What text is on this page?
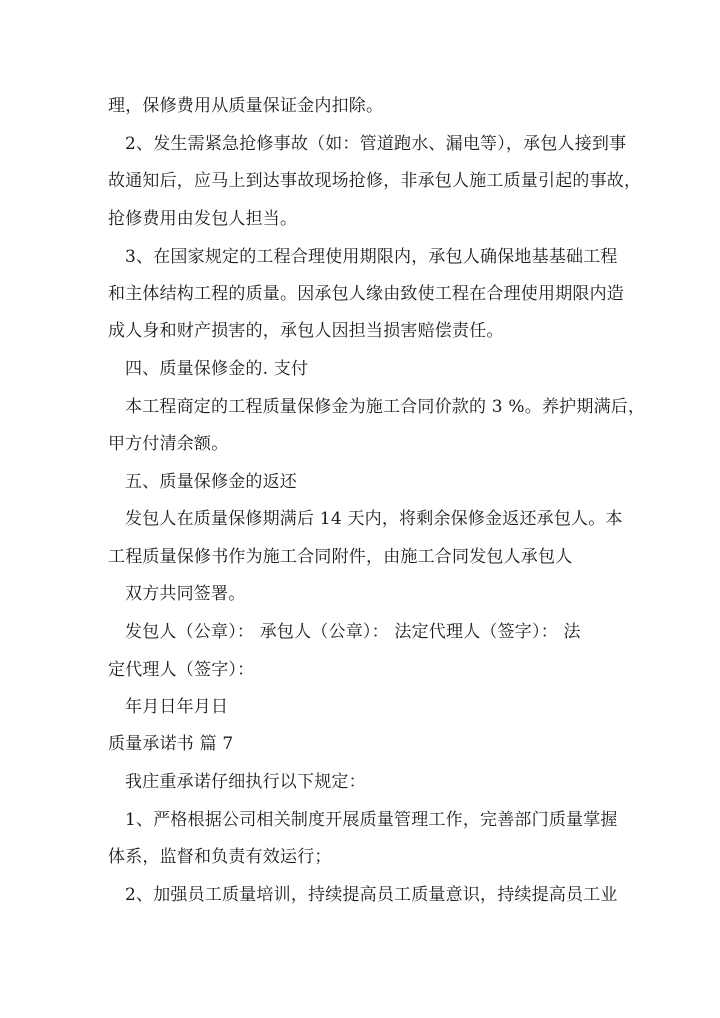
理，保修费用从质量保证金内扣除。
2、发生需紧急抢修事故（如：管道跑水、漏电等），承包人接到事
故通知后，应马上到达事故现场抢修，非承包人施工质量引起的事故，
抢修费用由发包人担当。
3、在国家规定的工程合理使用期限内，承包人确保地基基础工程
和主体结构工程的质量。因承包人缘由致使工程在合理使用期限内造
成人身和财产损害的，承包人因担当损害赔偿责任。
四、质量保修金的. 支付
本工程商定的工程质量保修金为施工合同价款的 3 %。养护期满后，
甲方付清余额。
五、质量保修金的返还
发包人在质量保修期满后 14 天内，将剩余保修金返还承包人。本
工程质量保修书作为施工合同附件，由施工合同发包人承包人
双方共同签署。
发包人（公章）： 承包人（公章）： 法定代理人（签字）： 法
定代理人（签字）：
年月日年月日
质量承诺书 篇 7
我庄重承诺仔细执行以下规定：
1、严格根据公司相关制度开展质量管理工作，完善部门质量掌握
体系，监督和负责有效运行；
2、加强员工质量培训，持续提高员工质量意识，持续提高员工业
